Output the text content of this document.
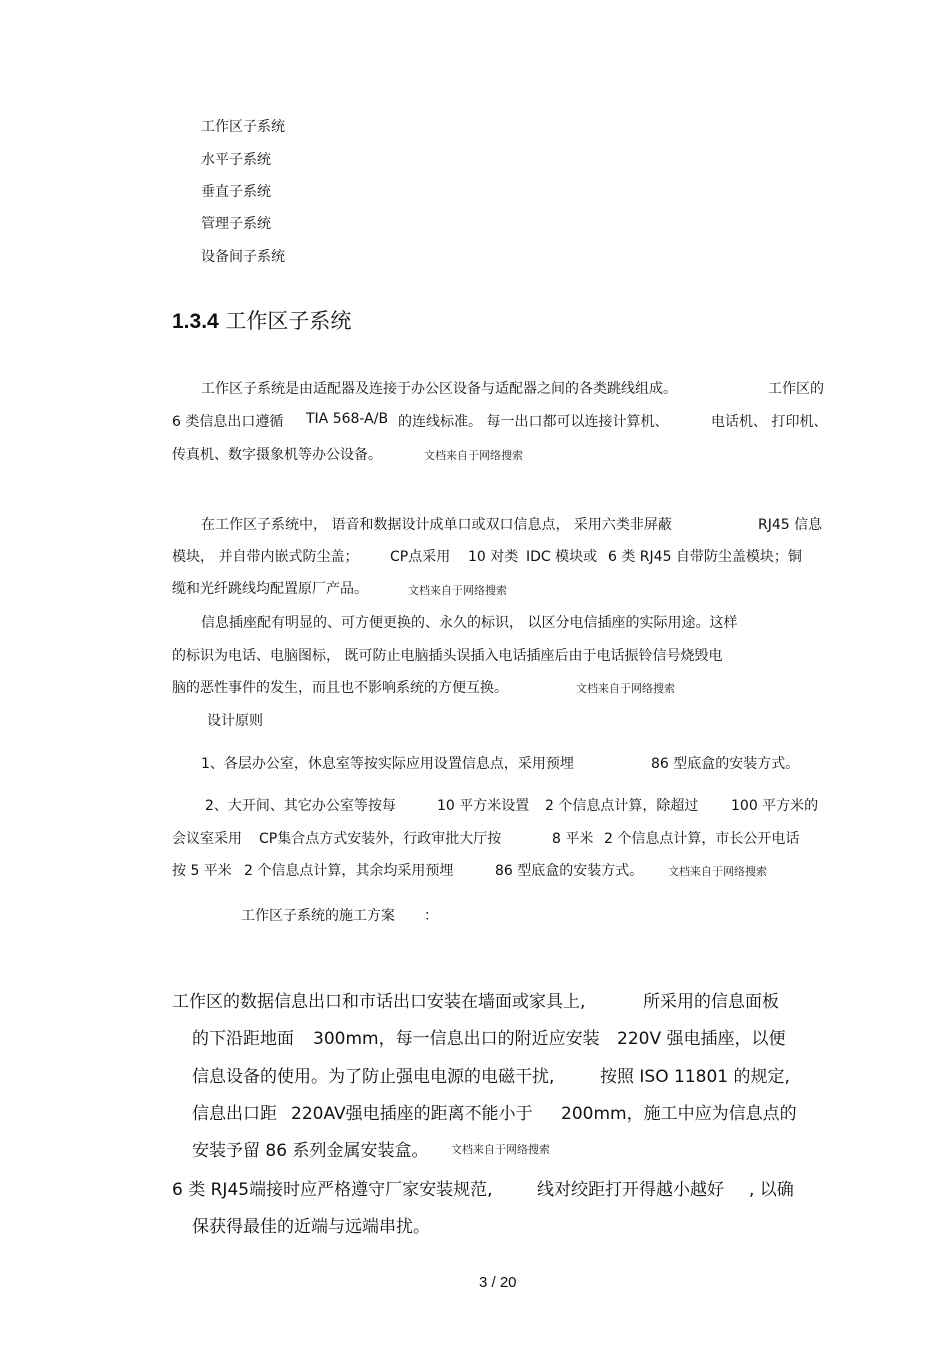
工作区子系统
水平子系统
垂直子系统
管理子系统
设备间子系统
1.3.4 工作区子系统
工作区子系统是由适配器及连接于办公区设备与适配器之间的各类跳线组成。	工作区的
6 类信息出口遵循 TIA 568-A/B 的连线标准。 每一出口都可以连接计算机、	电话机、 打印机、
传真机、数字摄象机等办公设备。	文档来自于网络搜索
在工作区子系统中， 语音和数据设计成单口或双口信息点， 采用六类非屏蔽	RJ45 信息
模块， 并自带内嵌式防尘盖； CP点采用 10 对类 IDC 模块或 6 类 RJ45 自带防尘盖模块；铜
缆和光纤跳线均配置原厂产品。	文档来自于网络搜索
信息插座配有明显的、可方便更换的、永久的标识， 以区分电信插座的实际用途。这样
的标识为电话、电脑图标， 既可防止电脑插头误插入电话插座后由于电话振铃信号烧毁电
脑的恶性事件的发生，而且也不影响系统的方便互换。	文档来自于网络搜索
设计原则
1、各层办公室，休息室等按实际应用设置信息点，采用预埋	86 型底盒的安装方式。
2、大开间、其它办公室等按每	10 平方米设置 2 个信息点计算，除超过 100 平方米的
会议室采用 CP集合点方式安装外，行政审批大厅按	8 平米 2 个信息点计算，市长公开电话
按 5 平米 2 个信息点计算，其余均采用预埋	86 型底盒的安装方式。 文档来自于网络搜索
工作区子系统的施工方案 ：
工作区的数据信息出口和市话出口安装在墙面或家具上,	所采用的信息面板
的下沿距地面 300mm，每一信息出口的附近应安装 220V 强电插座，以便
信息设备的使用。为了防止强电电源的电磁干扰,	按照 ISO 11801 的规定,
信息出口距 220AV强电插座的距离不能小于 200mm，施工中应为信息点的
安装予留 86 系列金属安装盒。 文档来自于网络搜索
6 类 RJ45端接时应严格遵守厂家安装规范,	线对绞距打开得越小越好 , 以确
保获得最佳的近端与远端串扰。
3 / 20
